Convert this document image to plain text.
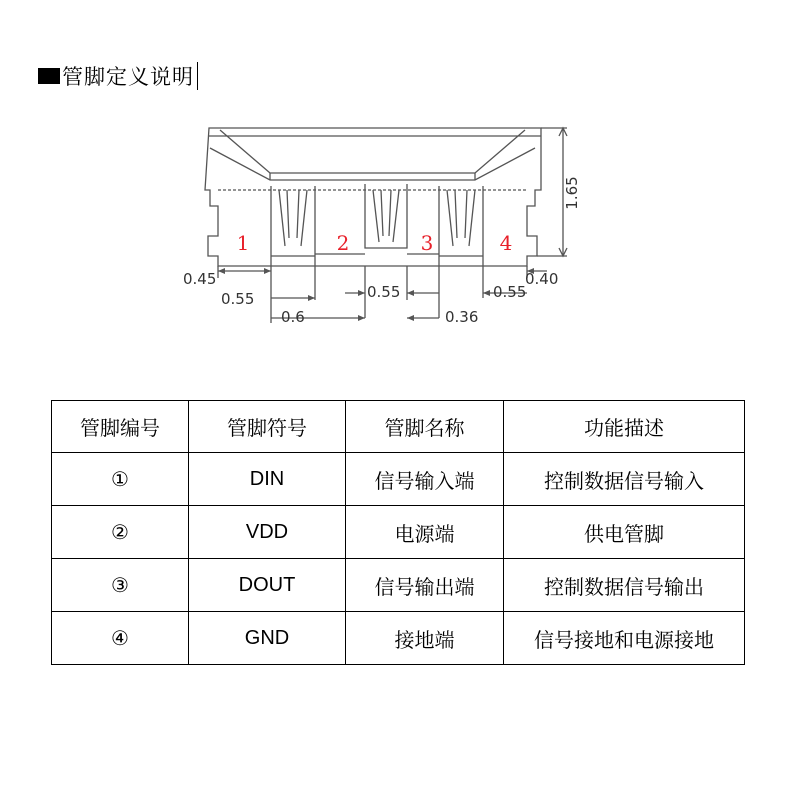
管脚定义说明
1	2	3	4
1.65
0.45	0.40
0.55	0.55	0.55
0.6	0.36
管脚编号	管脚符号	管脚名称	功能描述
①	DIN	信号输入端	控制数据信号输入
②	VDD	电源端	供电管脚
③	DOUT	信号输出端	控制数据信号输出
④	GND	接地端	信号接地和电源接地
